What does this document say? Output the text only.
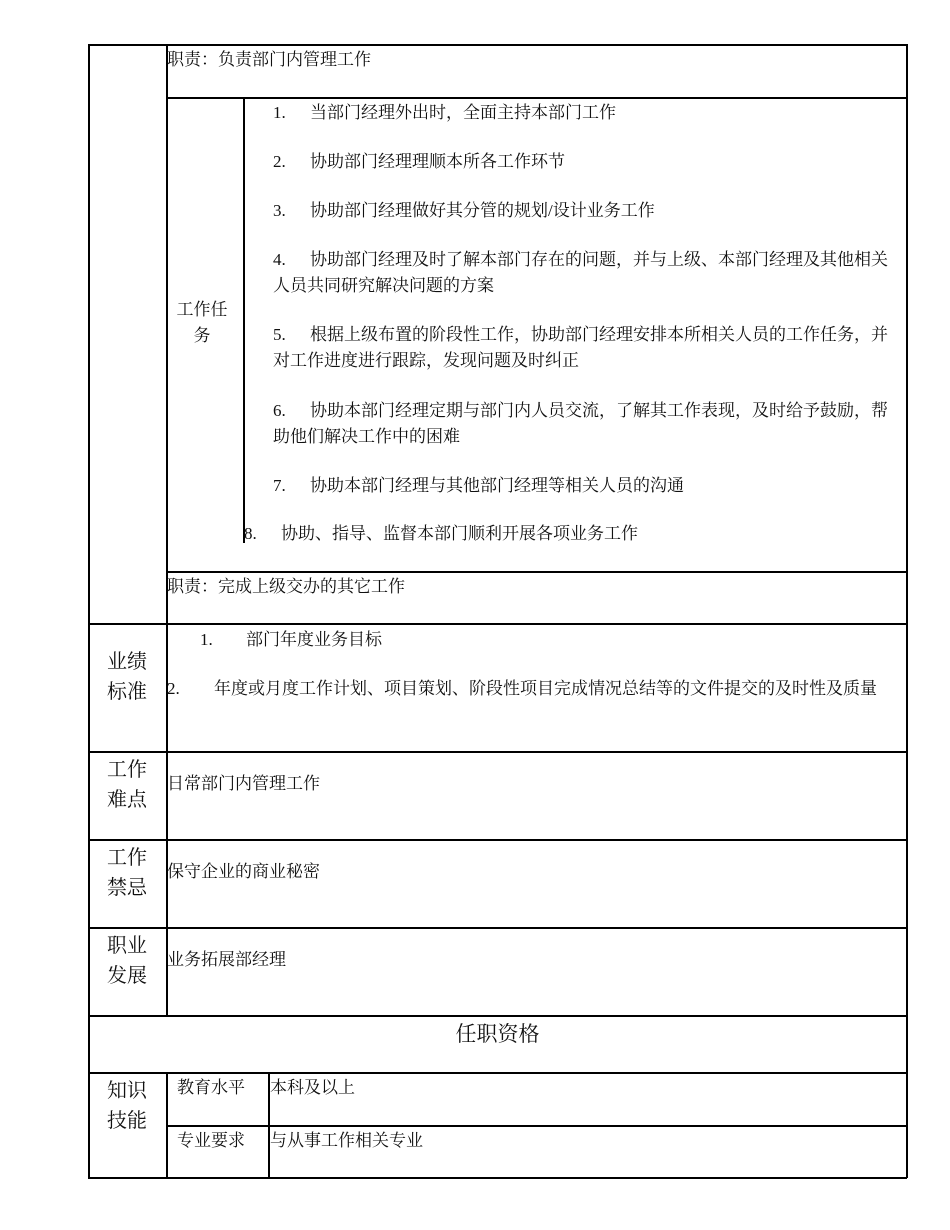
职责：负责部门内管理工作
工作任务
1. 当部门经理外出时，全面主持本部门工作
2. 协助部门经理理顺本所各工作环节
3. 协助部门经理做好其分管的规划/设计业务工作
4. 协助部门经理及时了解本部门存在的问题，并与上级、本部门经理及其他相关人员共同研究解决问题的方案
5. 根据上级布置的阶段性工作，协助部门经理安排本所相关人员的工作任务，并对工作进度进行跟踪，发现问题及时纠正
6. 协助本部门经理定期与部门内人员交流，了解其工作表现，及时给予鼓励，帮助他们解决工作中的困难
7. 协助本部门经理与其他部门经理等相关人员的沟通
8. 协助、指导、监督本部门顺利开展各项业务工作
职责：完成上级交办的其它工作
业绩标准
1. 部门年度业务目标
2. 年度或月度工作计划、项目策划、阶段性项目完成情况总结等的文件提交的及时性及质量
工作难点
日常部门内管理工作
工作禁忌
保守企业的商业秘密
职业发展
业务拓展部经理
任职资格
知识技能
教育水平 本科及以上
专业要求 与从事工作相关专业
